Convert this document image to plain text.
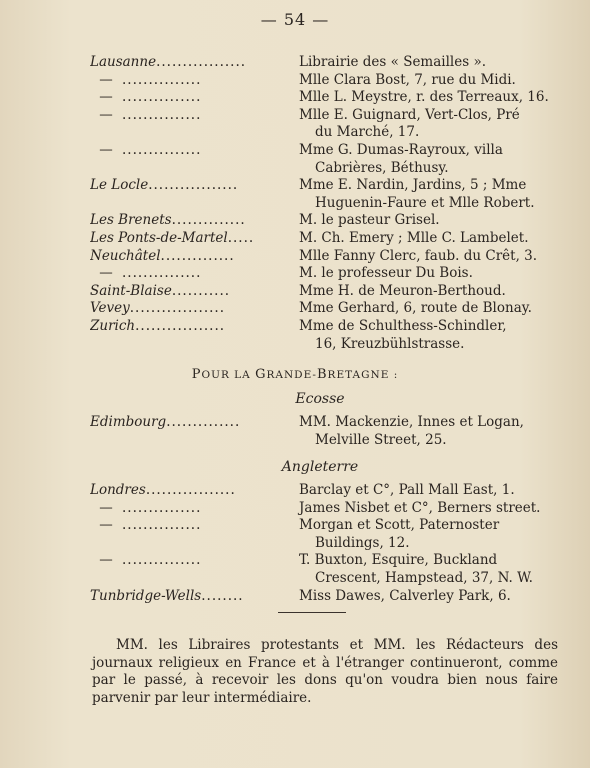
— 54 —
Lausanne.................	Librairie des « Semailles ».
— ...............	Mlle Clara Bost, 7, rue du Midi.
— ...............	Mlle L. Meystre, r. des Terreaux, 16.
— ...............	Mlle E. Guignard, Vert-Clos, Pré
du Marché, 17.
— ...............	Mme G. Dumas-Rayroux, villa
Cabrières, Béthusy.
Le Locle.................	Mme E. Nardin, Jardins, 5 ; Mme
Huguenin-Faure et Mlle Robert.
Les Brenets..............	M. le pasteur Grisel.
Les Ponts-de-Martel.....	M. Ch. Emery ; Mlle C. Lambelet.
Neuchâtel..............	Mlle Fanny Clerc, faub. du Crêt, 3.
— ...............	M. le professeur Du Bois.
Saint-Blaise...........	Mme H. de Meuron-Berthoud.
Vevey..................	Mme Gerhard, 6, route de Blonay.
Zurich.................	Mme de Schulthess-Schindler,
16, Kreuzbühlstrasse.
POUR LA GRANDE-BRETAGNE :
Ecosse
Edimbourg..............	MM. Mackenzie, Innes et Logan,
Melville Street, 25.
Angleterre
Londres.................	Barclay et C°, Pall Mall East, 1.
— ...............	James Nisbet et C°, Berners street.
— ...............	Morgan et Scott, Paternoster
Buildings, 12.
— ...............	T. Buxton, Esquire, Buckland
Crescent, Hampstead, 37, N. W.
Tunbridge-Wells........	Miss Dawes, Calverley Park, 6.
MM. les Libraires protestants et MM. les Rédacteurs des journaux religieux en France et à l'étranger continueront, comme par le passé, à recevoir les dons qu'on voudra bien nous faire parvenir par leur intermédiaire.
